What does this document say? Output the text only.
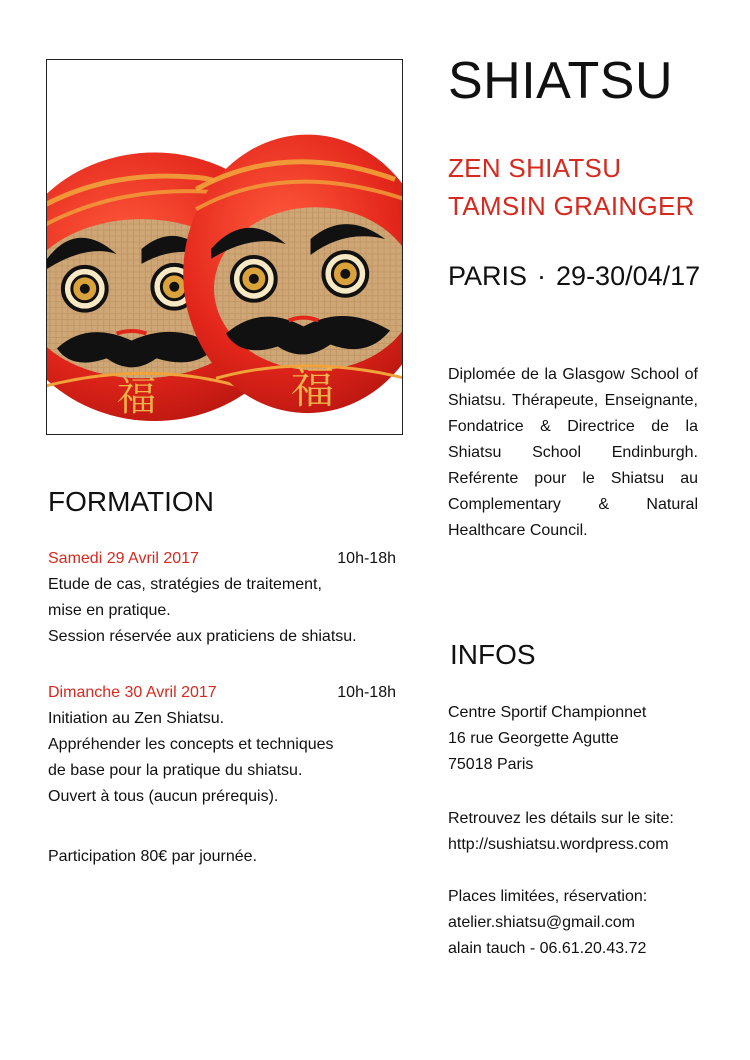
福	福
SHIATSU
ZEN SHIATSU
TAMSIN GRAINGER
PARIS · 29-30/04/17
Diplomée de la Glasgow School of Shiatsu. Thérapeute, Enseignante, Fondatrice & Directrice de la Shiatsu School Endinburgh. Reférente pour le Shiatsu au Complementary & Natural Healthcare Council.
FORMATION
Samedi 29 Avril 2017	10h-18h
Etude de cas, stratégies de traitement,
mise en pratique.
Session réservée aux praticiens de shiatsu.
Dimanche 30 Avril 2017	10h-18h
Initiation au Zen Shiatsu.
Appréhender les concepts et techniques
de base pour la pratique du shiatsu.
Ouvert à tous (aucun prérequis).
Participation 80€ par journée.
INFOS
Centre Sportif Championnet
16 rue Georgette Agutte
75018 Paris
Retrouvez les détails sur le site:
http://sushiatsu.wordpress.com
Places limitées, réservation:
atelier.shiatsu@gmail.com
alain tauch - 06.61.20.43.72
